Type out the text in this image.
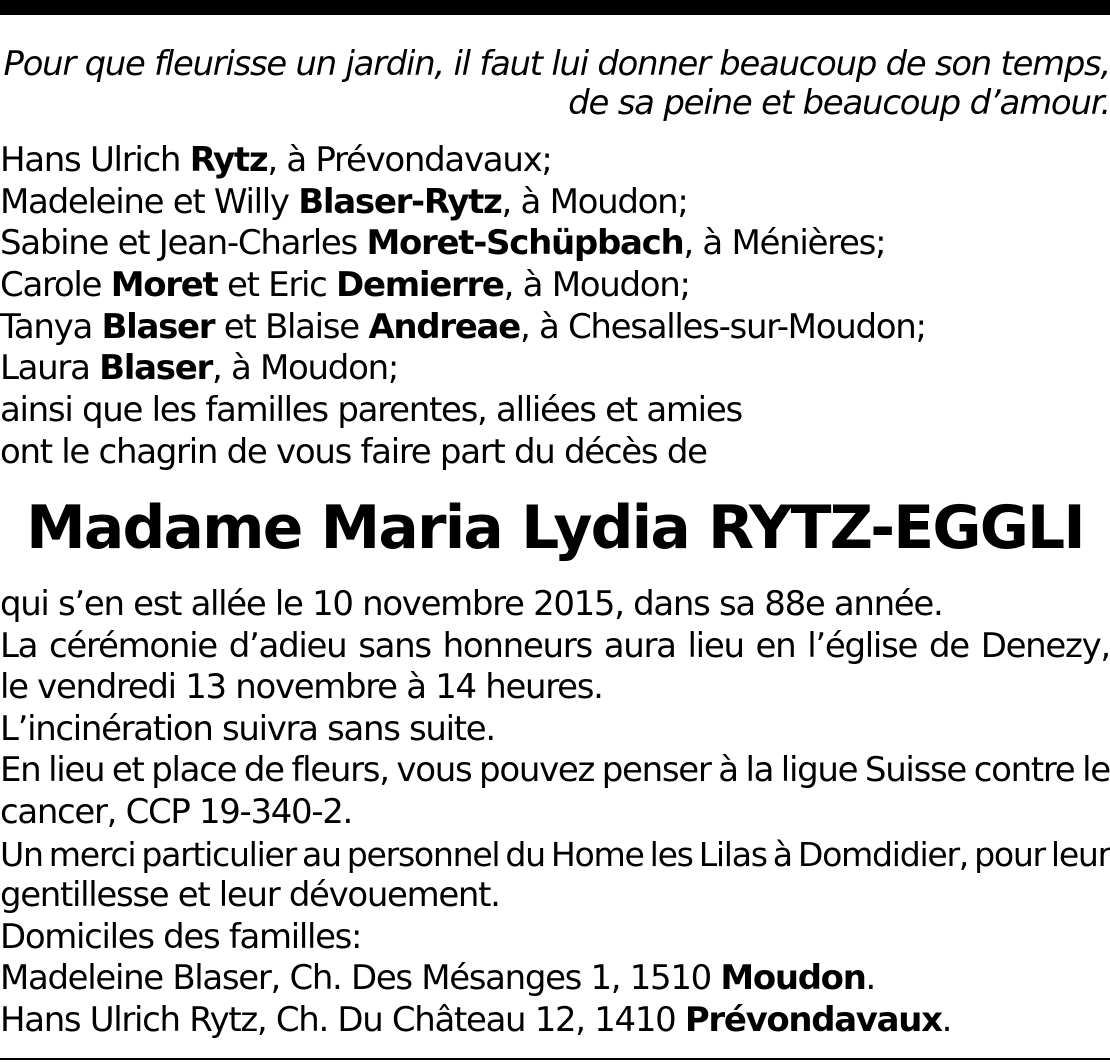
Pour que fleurisse un jardin, il faut lui donner beaucoup de son temps,
de sa peine et beaucoup d’amour.
Hans Ulrich Rytz, à Prévondavaux;
Madeleine et Willy Blaser-Rytz, à Moudon;
Sabine et Jean-Charles Moret-Schüpbach, à Ménières;
Carole Moret et Eric Demierre, à Moudon;
Tanya Blaser et Blaise Andreae, à Chesalles-sur-Moudon;
Laura Blaser, à Moudon;
ainsi que les familles parentes, alliées et amies
ont le chagrin de vous faire part du décès de
Madame Maria Lydia RYTZ-EGGLI
qui s’en est allée le 10 novembre 2015, dans sa 88e année.
La cérémonie d’adieu sans honneurs aura lieu en l’église de Denezy,
le vendredi 13 novembre à 14 heures.
L’incinération suivra sans suite.
En lieu et place de fleurs, vous pouvez penser à la ligue Suisse contre le
cancer, CCP 19-340-2.
Un merci particulier au personnel du Home les Lilas à Domdidier, pour leur
gentillesse et leur dévouement.
Domiciles des familles:
Madeleine Blaser, Ch. Des Mésanges 1, 1510 Moudon.
Hans Ulrich Rytz, Ch. Du Château 12, 1410 Prévondavaux.
